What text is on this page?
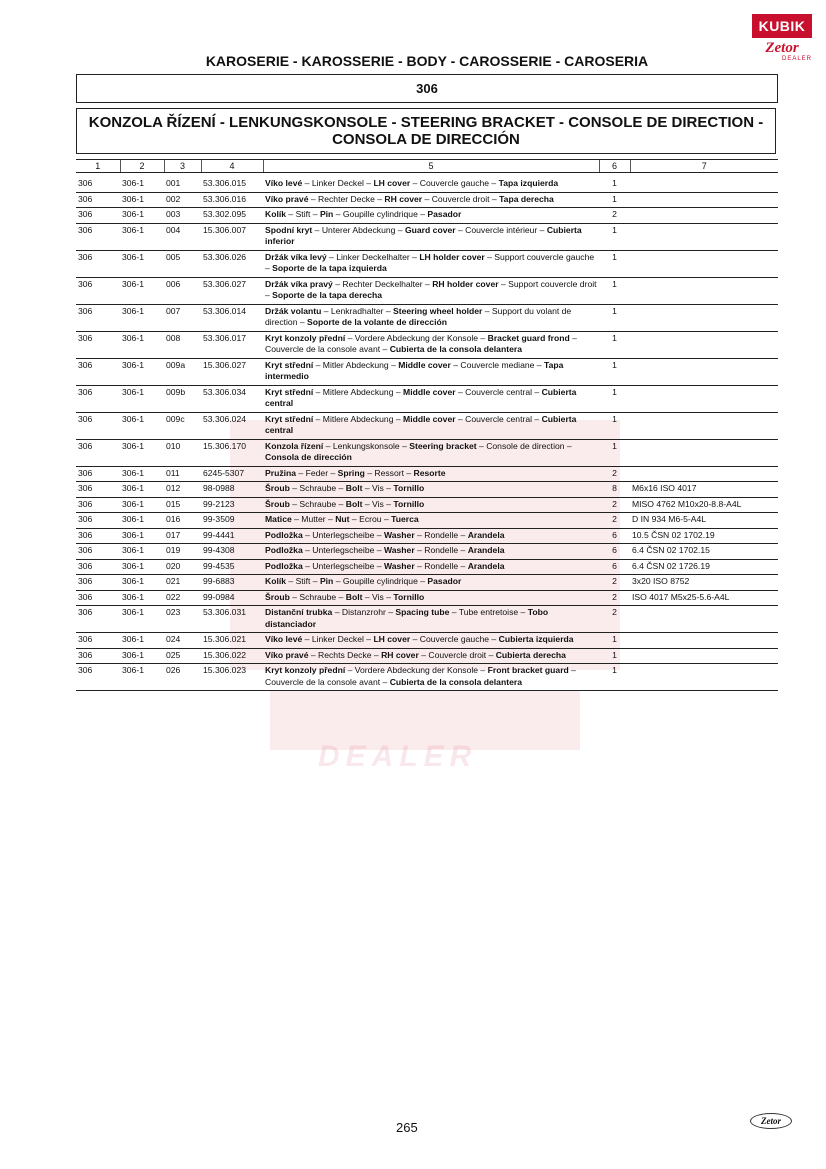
KUBIK
Zetor
DEALER
KAROSERIE - KAROSSERIE - BODY - CAROSSERIE - CAROSERIA
306
KONZOLA ŘÍZENÍ - LENKUNGSKONSOLE - STEERING BRACKET - CONSOLE DE DIRECTION -
CONSOLA DE DIRECCIÓN
DEALER
1	2	3	4	5	6	7

306	306-1	001	53.306.015	Víko levé – Linker Deckel – LH cover – Couvercle gauche – Tapa izquierda	1	
306	306-1	002	53.306.016	Víko pravé – Rechter Decke – RH cover – Couvercle droit – Tapa derecha	1	
306	306-1	003	53.302.095	Kolík – Stift – Pin – Goupille cylindrique – Pasador	2	
306	306-1	004	15.306.007	Spodní kryt – Unterer Abdeckung – Guard cover – Couvercle intérieur – Cubierta inferior	1	
306	306-1	005	53.306.026	Držák víka levý – Linker Deckelhalter – LH holder cover – Support couvercle gauche – Soporte de la tapa izquierda	1	
306	306-1	006	53.306.027	Držák víka pravý – Rechter Deckelhalter – RH holder cover – Support couvercle droit – Soporte de la tapa derecha	1	
306	306-1	007	53.306.014	Držák volantu – Lenkradhalter – Steering wheel holder – Support du volant de direction – Soporte de la volante de dirección	1	
306	306-1	008	53.306.017	Kryt konzoly přední – Vordere Abdeckung der Konsole – Bracket guard frond – Couvercle de la console avant – Cubierta de la consola delantera	1	
306	306-1	009a	15.306.027	Kryt střední – Mitler Abdeckung – Middle cover – Couvercle mediane – Tapa intermedio	1	
306	306-1	009b	53.306.034	Kryt střední – Mitlere Abdeckung – Middle cover – Couvercle central – Cubierta central	1	
306	306-1	009c	53.306.024	Kryt střední – Mitlere Abdeckung – Middle cover – Couvercle central – Cubierta central	1	
306	306-1	010	15.306.170	Konzola řízení – Lenkungskonsole – Steering bracket – Console de direction – Consola de dirección	1	
306	306-1	011	6245-5307	Pružina – Feder – Spring – Ressort – Resorte	2	
306	306-1	012	98-0988	Šroub – Schraube – Bolt – Vis – Tornillo	8	M6x16 ISO 4017
306	306-1	015	99-2123	Šroub – Schraube – Bolt – Vis – Tornillo	2	MISO 4762 M10x20-8.8-A4L
306	306-1	016	99-3509	Matice – Mutter – Nut – Ecrou – Tuerca	2	D IN 934 M6-5-A4L
306	306-1	017	99-4441	Podložka – Unterlegscheibe – Washer – Rondelle – Arandela	6	10.5 ČSN 02 1702.19
306	306-1	019	99-4308	Podložka – Unterlegscheibe – Washer – Rondelle – Arandela	6	6.4 ČSN 02 1702.15
306	306-1	020	99-4535	Podložka – Unterlegscheibe – Washer – Rondelle – Arandela	6	6.4 ČSN 02 1726.19
306	306-1	021	99-6883	Kolík – Stift – Pin – Goupille cylindrique – Pasador	2	3x20 ISO 8752
306	306-1	022	99-0984	Šroub – Schraube – Bolt – Vis – Tornillo	2	ISO 4017 M5x25-5.6-A4L
306	306-1	023	53.306.031	Distanční trubka – Distanzrohr – Spacing tube – Tube entretoise – Tobo distanciador	2	
306	306-1	024	15.306.021	Víko levé – Linker Deckel – LH cover – Couvercle gauche – Cubierta izquierda	1	
306	306-1	025	15.306.022	Víko pravé – Rechts Decke – RH cover – Couvercle droit – Cubierta derecha	1	
306	306-1	026	15.306.023	Kryt konzoly přední – Vordere Abdeckung der Konsole – Front bracket guard – Couvercle de la console avant – Cubierta de la consola delantera	1	
265	Zetor
